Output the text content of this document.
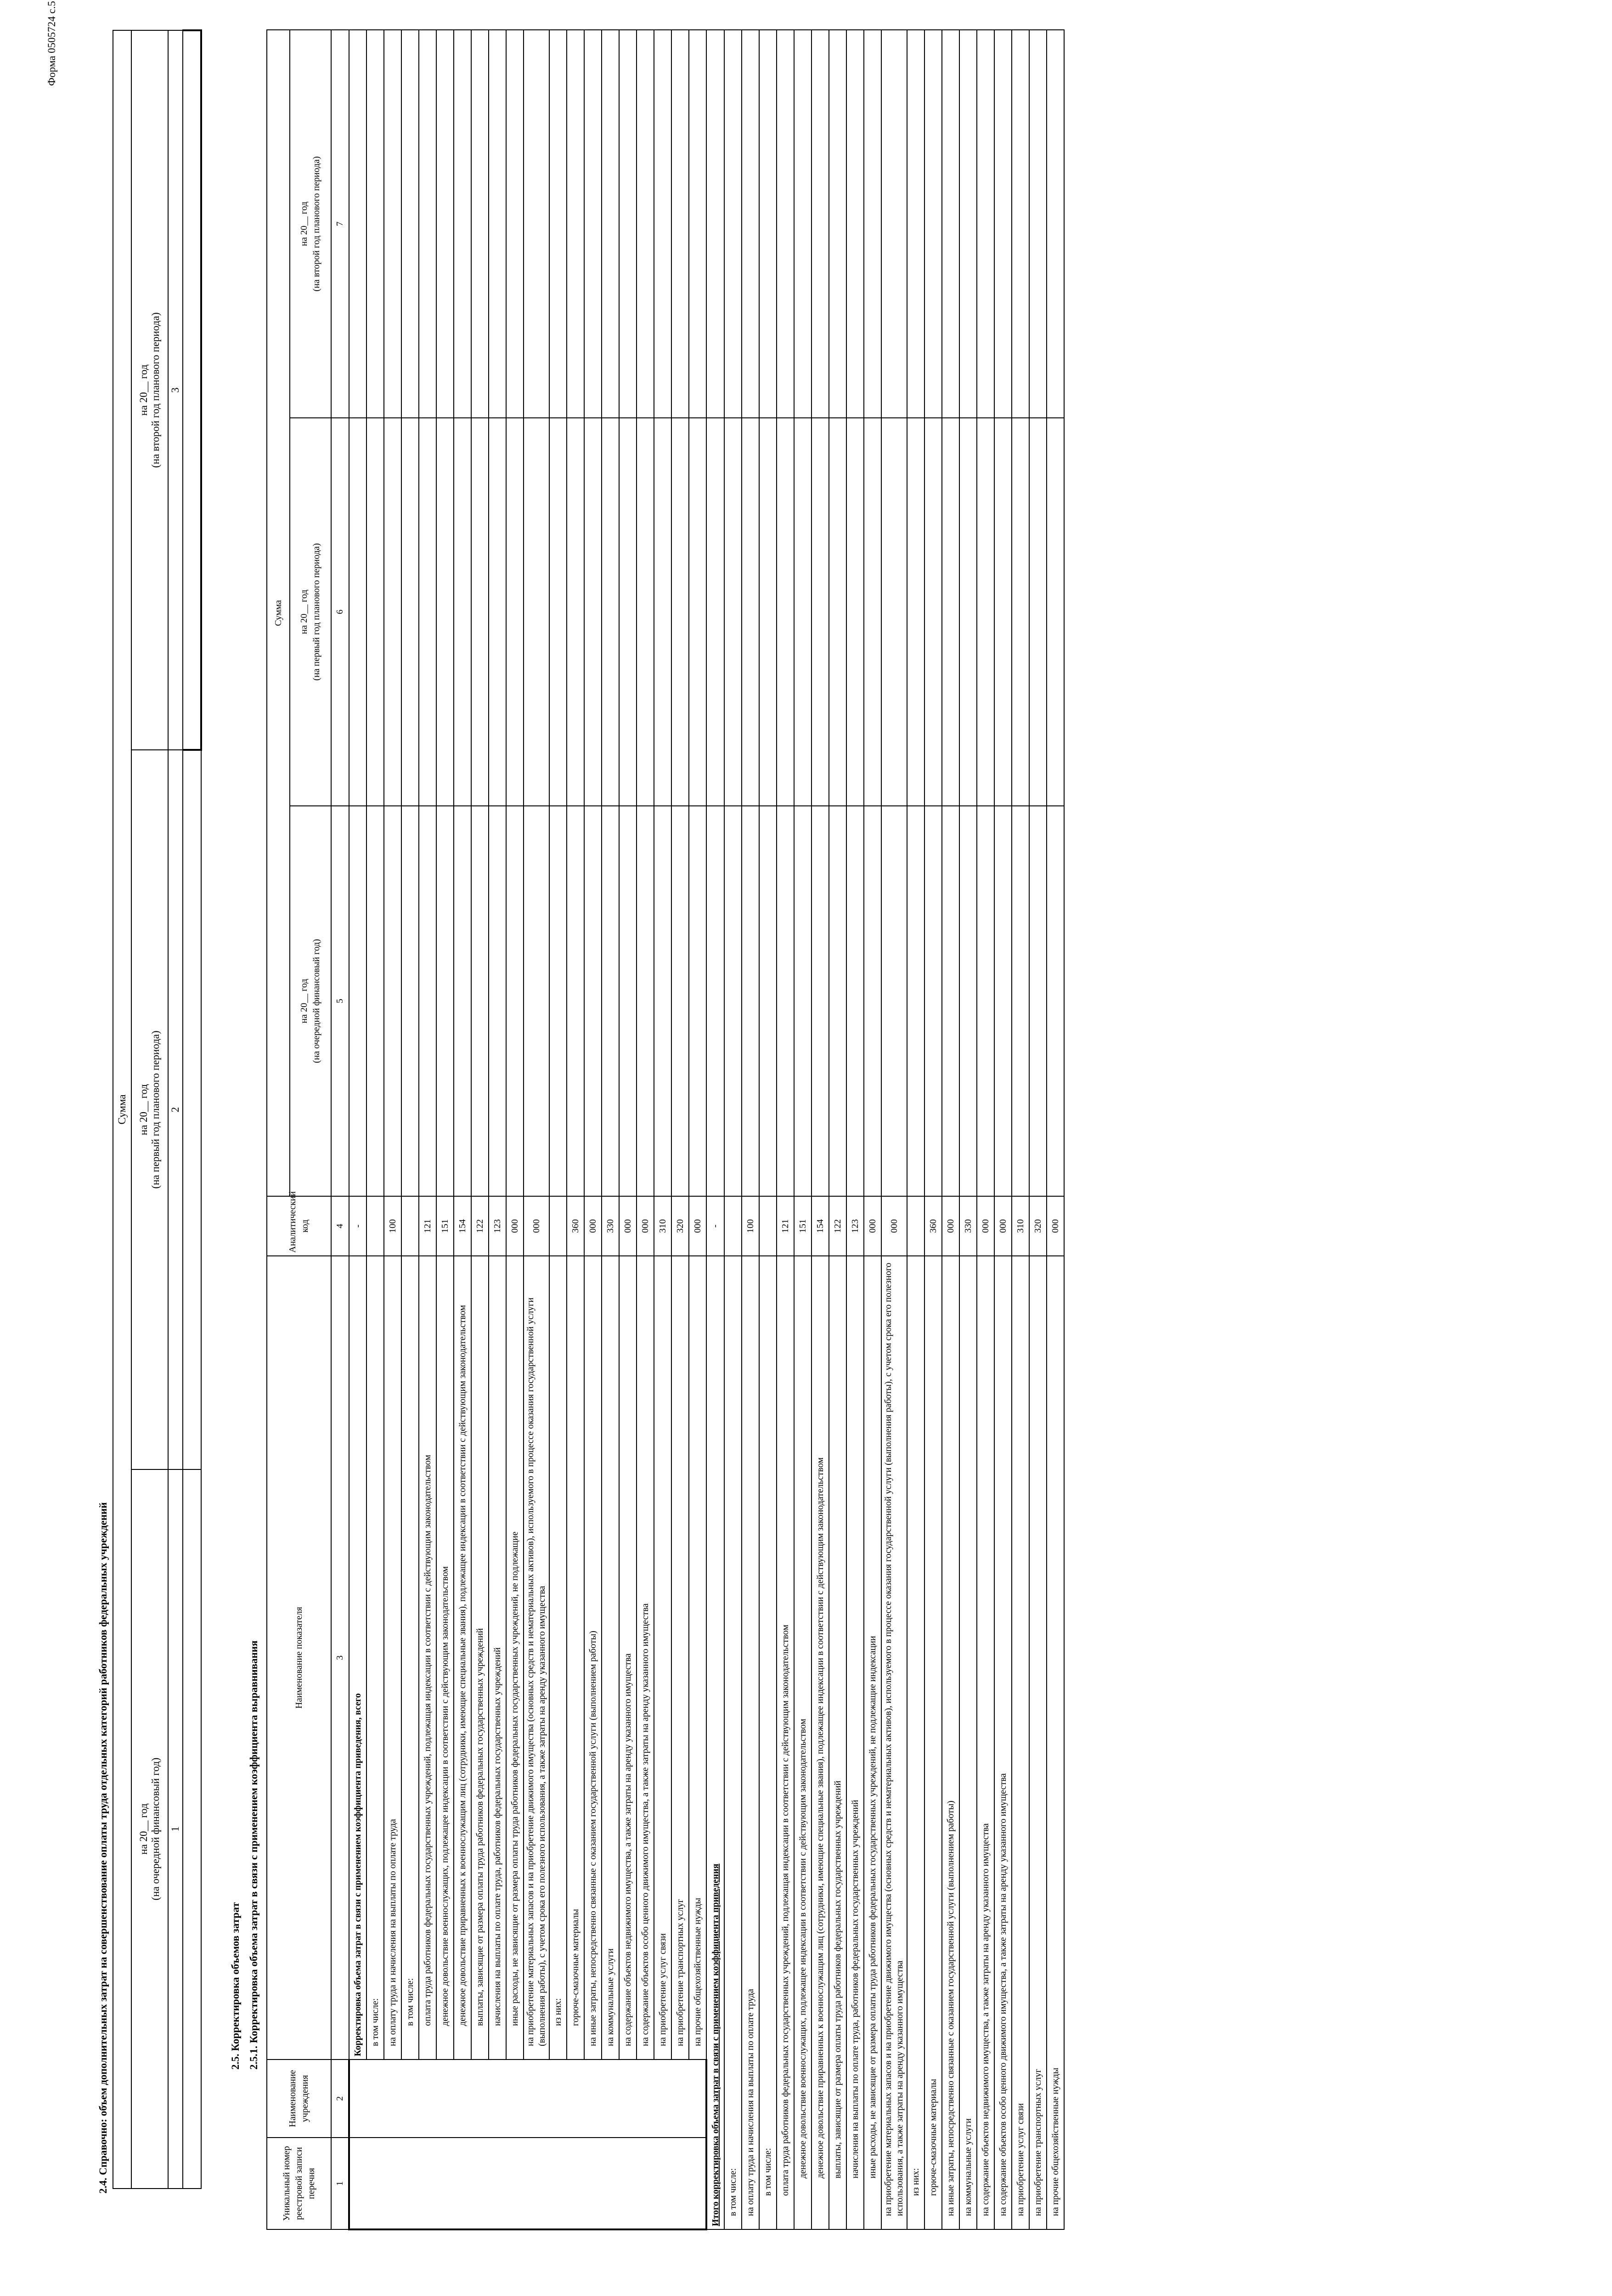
Форма 0505724 с.5
2.4. Справочно: объем дополнительных затрат на совершенствование оплаты труда отдельных категорий работников федеральных учреждений
Сумма		

на 20__ год (на очередной финансовый год)	на 20__ год (на первый год планового периода)	на 20__ год (на второй год планового периода)

1	2	3

2.5. Корректировка объемов затрат 2.5.1. Корректировка объема затрат в связи с применением коэффициента выравнивания
Уникальный номер реестровой записи перечня	Наименование учреждения	Наименование показателя	Аналитический код	Сумма		

				на 20__ год (на очередной финансовый год)	на 20__ год (на первый год планового периода)	на 20__ год (на второй год планового периода)

1	2	3	4	5	6	7
		Корректировка объема затрат в связи с применением коэффициента приведения, всего	-			
		в том числе:				
		на оплату труда и начисления на выплаты по оплате труда	100			
		в том числе:				
		оплата труда работников федеральных государственных учреждений, подлежащая индексации в соответствии с действующим законодательством	121			
		денежное довольствие военнослужащих, подлежащее индексации в соответствии с действующим законодательством	151			
		денежное довольствие приравненных к военнослужащим лиц (сотрудники, имеющие специальные звания), подлежащее индексации в соответствии с действующим законодательством	154			
		выплаты, зависящие от размера оплаты труда работников федеральных государственных учреждений	122			
		начисления на выплаты по оплате труда, работников федеральных государственных учреждений	123			
		иные расходы, не зависящие от размера оплаты труда работников федеральных государственных учреждений, не подлежащие	000			
		на приобретение материальных запасов и на приобретение движимого имущества (основных средств и нематериальных активов), используемого в процессе оказания государственной услуги (выполнения работы), с учетом срока его полезного использования, а также затраты на аренду указанного имущества	000			
		из них:				
		горюче-смазочные материалы	360			
		на иные затраты, непосредственно связанные с оказанием государственной услуги (выполнением работы)	000			
		на коммунальные услуги	330			
		на содержание объектов недвижимого имущества, а также затраты на аренду указанного имущества	000			
		на содержание объектов особо ценного движимого имущества, а также затраты на аренду указанного имущества	000			
		на приобретение услуг связи	310			
		на приобретение транспортных услуг	320			
		на прочие общехозяйственные нужды	000			
Итого корректировка объема затрат в связи с применением коэффициента приведения			-			
в том числе:						
на оплату труда и начисления на выплаты по оплате труда			100			
в том числе:						
оплата труда работников федеральных государственных учреждений, подлежащая индексации в соответствии с действующим законодательством			121			
денежное довольствие военнослужащих, подлежащее индексации в соответствии с действующим законодательством			151			
денежное довольствие приравненных к военнослужащим лиц (сотрудники, имеющие специальные звания), подлежащее индексации в соответствии с действующим законодательством			154			
выплаты, зависящие от размера оплаты труда работников федеральных государственных учреждений			122			
начисления на выплаты по оплате труда, работников федеральных государственных учреждений			123			
иные расходы, не зависящие от размера оплаты труда работников федеральных государственных учреждений, не подлежащие индексации			000			
на приобретение материальных запасов и на приобретение движимого имущества (основных средств и нематериальных активов), используемого в процессе оказания государственной услуги (выполнения работы), с учетом срока его полезного использования, а также затраты на аренду указанного имущества			000			
из них:						
горюче-смазочные материалы			360			
на иные затраты, непосредственно связанные с оказанием государственной услуги (выполнением работы)			000			
на коммунальные услуги			330			
на содержание объектов недвижимого имущества, а также затраты на аренду указанного имущества			000			
на содержание объектов особо ценного движимого имущества, а также затраты на аренду указанного имущества			000			
на приобретение услуг связи			310			
на приобретение транспортных услуг			320			
на прочие общехозяйственные нужды			000			
